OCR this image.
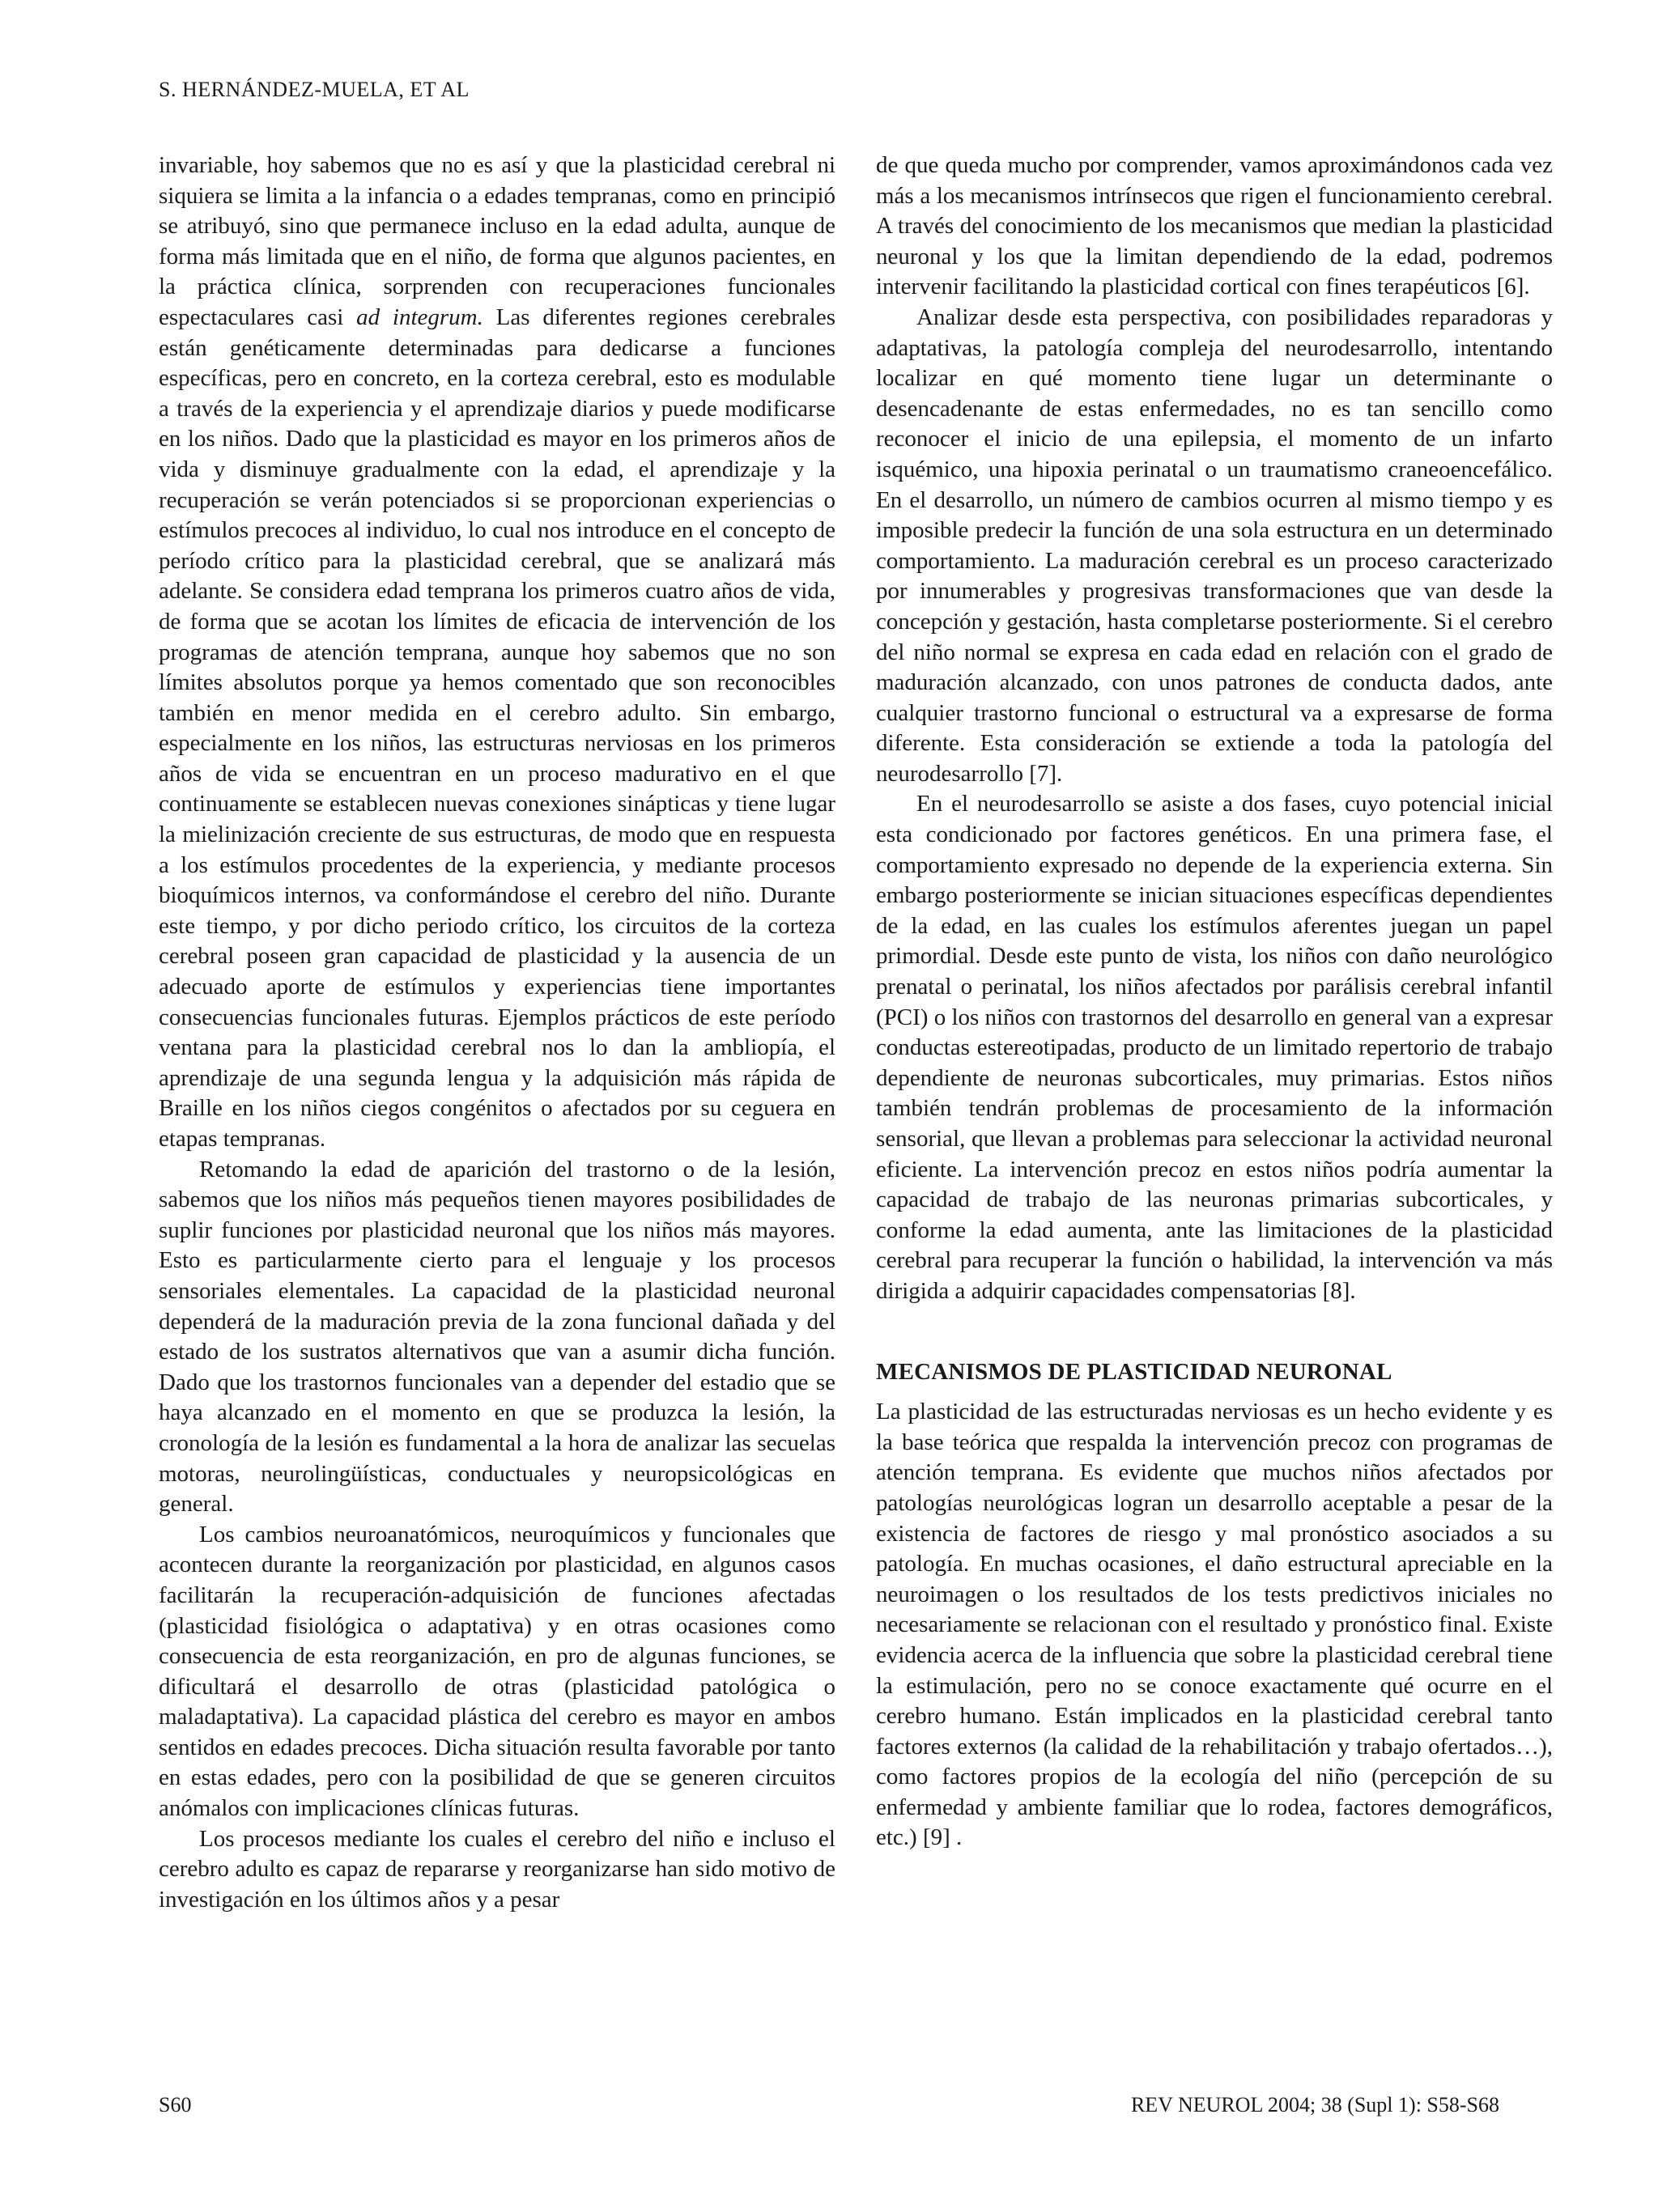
S. HERNÁNDEZ-MUELA, ET AL

invariable, hoy sabemos que no es así y que la plasticidad cerebral ni siquiera se limita a la infancia o a edades tempranas, como en principió se atribuyó, sino que permanece incluso en la edad adulta, aunque de forma más limitada que en el niño, de forma que algunos pacientes, en la práctica clínica, sorprenden con recuperaciones funcionales espectaculares casi ad integrum. Las diferentes regiones cerebrales están genéticamente determinadas para dedicarse a funciones específicas, pero en concreto, en la corteza cerebral, esto es modulable a través de la experiencia y el aprendizaje diarios y puede modificarse en los niños. Dado que la plasticidad es mayor en los primeros años de vida y disminuye gradualmente con la edad, el aprendizaje y la recuperación se verán potenciados si se proporcionan experiencias o estímulos precoces al individuo, lo cual nos introduce en el concepto de período crítico para la plasticidad cerebral, que se analizará más adelante. Se considera edad temprana los primeros cuatro años de vida, de forma que se acotan los límites de eficacia de intervención de los programas de atención temprana, aunque hoy sabemos que no son límites absolutos porque ya hemos comentado que son reconocibles también en menor medida en el cerebro adulto. Sin embargo, especialmente en los niños, las estructuras nerviosas en los primeros años de vida se encuentran en un proceso madurativo en el que continuamente se establecen nuevas conexiones sinápticas y tiene lugar la mielinización creciente de sus estructuras, de modo que en respuesta a los estímulos procedentes de la experiencia, y mediante procesos bioquímicos internos, va conformándose el cerebro del niño. Durante este tiempo, y por dicho periodo crítico, los circuitos de la corteza cerebral poseen gran capacidad de plasticidad y la ausencia de un adecuado aporte de estímulos y experiencias tiene importantes consecuencias funcionales futuras. Ejemplos prácticos de este período ventana para la plasticidad cerebral nos lo dan la ambliopía, el aprendizaje de una segunda lengua y la adquisición más rápida de Braille en los niños ciegos congénitos o afectados por su ceguera en etapas tempranas.

Retomando la edad de aparición del trastorno o de la lesión, sabemos que los niños más pequeños tienen mayores posibilidades de suplir funciones por plasticidad neuronal que los niños más mayores. Esto es particularmente cierto para el lenguaje y los procesos sensoriales elementales. La capacidad de la plasticidad neuronal dependerá de la maduración previa de la zona funcional dañada y del estado de los sustratos alternativos que van a asumir dicha función. Dado que los trastornos funcionales van a depender del estadio que se haya alcanzado en el momento en que se produzca la lesión, la cronología de la lesión es fundamental a la hora de analizar las secuelas motoras, neurolingüísticas, conductuales y neuropsicológicas en general.

Los cambios neuroanatómicos, neuroquímicos y funcionales que acontecen durante la reorganización por plasticidad, en algunos casos facilitarán la recuperación-adquisición de funciones afectadas (plasticidad fisiológica o adaptativa) y en otras ocasiones como consecuencia de esta reorganización, en pro de algunas funciones, se dificultará el desarrollo de otras (plasticidad patológica o maladaptativa). La capacidad plástica del cerebro es mayor en ambos sentidos en edades precoces. Dicha situación resulta favorable por tanto en estas edades, pero con la posibilidad de que se generen circuitos anómalos con implicaciones clínicas futuras.

Los procesos mediante los cuales el cerebro del niño e incluso el cerebro adulto es capaz de repararse y reorganizarse han sido motivo de investigación en los últimos años y a pesar

de que queda mucho por comprender, vamos aproximándonos cada vez más a los mecanismos intrínsecos que rigen el funcionamiento cerebral. A través del conocimiento de los mecanismos que median la plasticidad neuronal y los que la limitan dependiendo de la edad, podremos intervenir facilitando la plasticidad cortical con fines terapéuticos [6].

Analizar desde esta perspectiva, con posibilidades reparadoras y adaptativas, la patología compleja del neurodesarrollo, intentando localizar en qué momento tiene lugar un determinante o desencadenante de estas enfermedades, no es tan sencillo como reconocer el inicio de una epilepsia, el momento de un infarto isquémico, una hipoxia perinatal o un traumatismo craneoencefálico. En el desarrollo, un número de cambios ocurren al mismo tiempo y es imposible predecir la función de una sola estructura en un determinado comportamiento. La maduración cerebral es un proceso caracterizado por innumerables y progresivas transformaciones que van desde la concepción y gestación, hasta completarse posteriormente. Si el cerebro del niño normal se expresa en cada edad en relación con el grado de maduración alcanzado, con unos patrones de conducta dados, ante cualquier trastorno funcional o estructural va a expresarse de forma diferente. Esta consideración se extiende a toda la patología del neurodesarrollo [7].

En el neurodesarrollo se asiste a dos fases, cuyo potencial inicial esta condicionado por factores genéticos. En una primera fase, el comportamiento expresado no depende de la experiencia externa. Sin embargo posteriormente se inician situaciones específicas dependientes de la edad, en las cuales los estímulos aferentes juegan un papel primordial. Desde este punto de vista, los niños con daño neurológico prenatal o perinatal, los niños afectados por parálisis cerebral infantil (PCI) o los niños con trastornos del desarrollo en general van a expresar conductas estereotipadas, producto de un limitado repertorio de trabajo dependiente de neuronas subcorticales, muy primarias. Estos niños también tendrán problemas de procesamiento de la información sensorial, que llevan a problemas para seleccionar la actividad neuronal eficiente. La intervención precoz en estos niños podría aumentar la capacidad de trabajo de las neuronas primarias subcorticales, y conforme la edad aumenta, ante las limitaciones de la plasticidad cerebral para recuperar la función o habilidad, la intervención va más dirigida a adquirir capacidades compensatorias [8].

MECANISMOS DE PLASTICIDAD NEURONAL

La plasticidad de las estructuradas nerviosas es un hecho evidente y es la base teórica que respalda la intervención precoz con programas de atención temprana. Es evidente que muchos niños afectados por patologías neurológicas logran un desarrollo aceptable a pesar de la existencia de factores de riesgo y mal pronóstico asociados a su patología. En muchas ocasiones, el daño estructural apreciable en la neuroimagen o los resultados de los tests predictivos iniciales no necesariamente se relacionan con el resultado y pronóstico final. Existe evidencia acerca de la influencia que sobre la plasticidad cerebral tiene la estimulación, pero no se conoce exactamente qué ocurre en el cerebro humano. Están implicados en la plasticidad cerebral tanto factores externos (la calidad de la rehabilitación y trabajo ofertados…), como factores propios de la ecología del niño (percepción de su enfermedad y ambiente familiar que lo rodea, factores demográficos, etc.) [9] .

S60	REV NEUROL 2004; 38 (Supl 1): S58-S68
